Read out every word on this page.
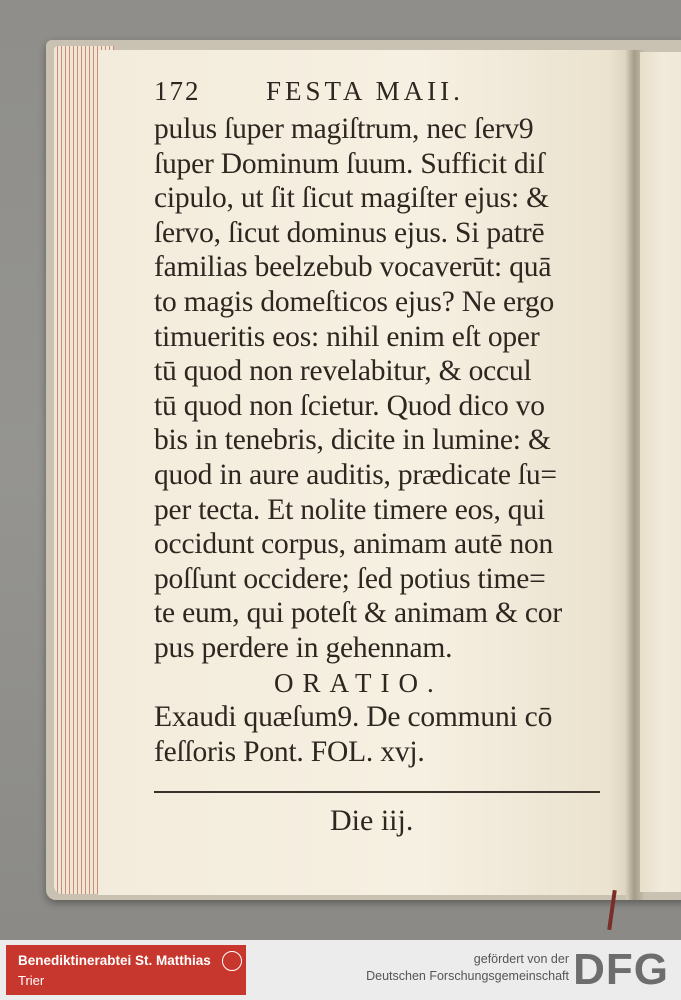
172 FESTA MAII.
pulus ſuper magiſtrum, nec ſerv9
ſuper Dominum ſuum. Sufficit diſ
cipulo, ut ſit ſicut magiſter ejus: &
ſervo, ſicut dominus ejus. Si patrē
familias beelzebub vocaverūt: quā
to magis domeſticos ejus? Ne ergo
timueritis eos: nihil enim eſt oper
tū quod non revelabitur, & occul
tū quod non ſcietur. Quod dico vo
bis in tenebris, dicite in lumine: &
quod in aure auditis, prædicate ſu=
per tecta. Et nolite timere eos, qui
occidunt corpus, animam autē non
poſſunt occidere; ſed potius time=
te eum, qui poteſt & animam & cor
pus perdere in gehennam.
ORATIO.
Exaudi quæſum9. De communi cō
feſſoris Pont. FOL. xvj.
Die iij.
Benediktinerabtei St. Matthias
Trier
gefördert von der
Deutschen Forschungsgemeinschaft DFG
